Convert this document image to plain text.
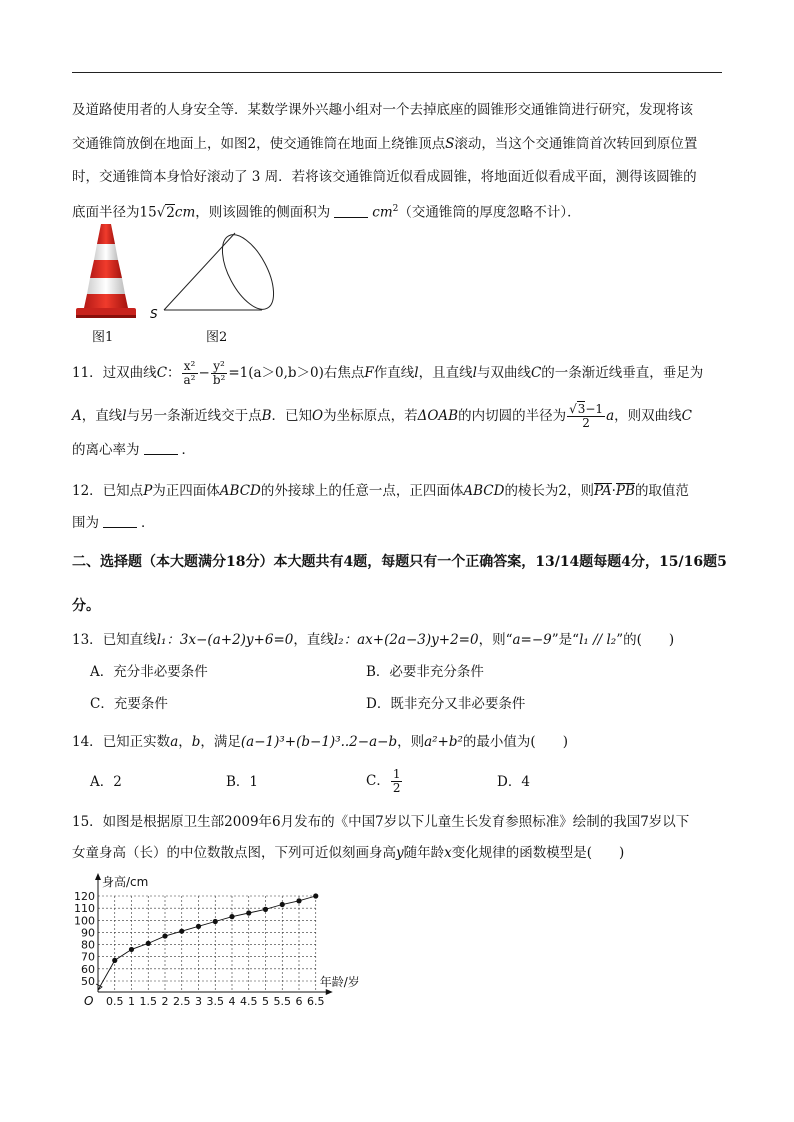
及道路使用者的人身安全等．某数学课外兴趣小组对一个去掉底座的圆锥形交通锥筒进行研究，发现将该
交通锥筒放倒在地面上，如图2，使交通锥筒在地面上绕锥顶点S滚动，当这个交通锥筒首次转回到原位置
时，交通锥筒本身恰好滚动了 3 周．若将该交通锥筒近似看成圆锥，将地面近似看成平面，测得该圆锥的
底面半径为15√2cm，则该圆锥的侧面积为	$cm^2$（交通锥筒的厚度忽略不计）．
图1
S
图2
11．过双曲线C： $\frac{\text{x²}}{\text{a²}} - \frac{\text{y²}}{\text{b²}} =1(a>0,b>0)$右焦点F作直线l，且直线l与双曲线C的一条渐近线垂直，垂足为
A，直线l与另一条渐近线交于点B．已知O为坐标原点，若ΔOAB的内切圆的半径为 $\frac{√3-1}{2}$ a，则双曲线C
的离心率为	．
12．已知点P为正四面体ABCD的外接球上的任意一点，正四面体ABCD的棱长为2，则PA·PB的取值范
围为	．
二、选择题（本大题满分18分）本大题共有4题，每题只有一个正确答案，13/14题每题4分，15/16题5
分。
13．已知直线l₁：3x−(a+2)y+6=0，直线l₂：ax+(2a−3)y+2=0，则“a=−9”是“l₁ // l₂”的(　　)
A．充分非必要条件	B．必要非充分条件
C．充要条件	D．既非充分又非必要条件
14．已知正实数a，b，满足(a−1)³+(b−1)³..2−a−b，则a²+b²的最小值为(　　)
A．2	B．1	C． $\frac{1}{2}$	D．4
15．如图是根据原卫生部2009年6月发布的《中国7岁以下儿童生长发育参照标准》绘制的我国7岁以下
女童身高（长）的中位数散点图，下列可近似刻画身高y随年龄x变化规律的函数模型是(　　)
50
60
70
80
90
100
110
120
0.5 1 1.5 2 2.5 3 3.5 4 4.5 5 5.5 6 6.5
O
身高/cm
年龄/岁
